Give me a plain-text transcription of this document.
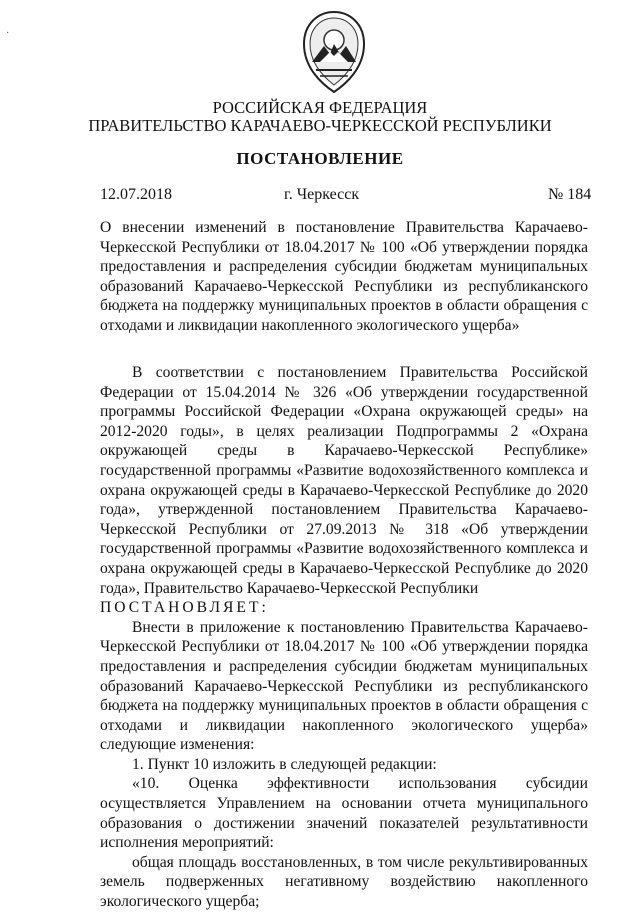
·
РОССИЙСКАЯ ФЕДЕРАЦИЯ
ПРАВИТЕЛЬСТВО КАРАЧАЕВО-ЧЕРКЕССКОЙ РЕСПУБЛИКИ
ПОСТАНОВЛЕНИЕ
12.07.2018	г. Черкесск	№ 184
О внесении изменений в постановление Правительства Карачаево-Черкесской Республики от 18.04.2017 № 100 «Об утверждении порядка предоставления и распределения субсидии бюджетам муниципальных образований Карачаево-Черкесской Республики из республиканского бюджета на поддержку муниципальных проектов в области обращения с отходами и ликвидации накопленного экологического ущерба»

В соответствии с постановлением Правительства Российской Федерации от 15.04.2014 № 326 «Об утверждении государственной программы Российской Федерации «Охрана окружающей среды» на 2012-2020 годы», в целях реализации Подпрограммы 2 «Охрана окружающей среды в Карачаево-Черкесской Республике» государственной программы «Развитие водохозяйственного комплекса и охрана окружающей среды в Карачаево-Черкесской Республике до 2020 года», утвержденной постановлением Правительства Карачаево-Черкесской Республики от 27.09.2013 № 318 «Об утверждении государственной программы «Развитие водохозяйственного комплекса и охрана окружающей среды в Карачаево-Черкесской Республике до 2020 года», Правительство Карачаево-Черкесской Республики

ПОСТАНОВЛЯЕТ:

Внести в приложение к постановлению Правительства Карачаево-Черкесской Республики от 18.04.2017 № 100 «Об утверждении порядка предоставления и распределения субсидии бюджетам муниципальных образований Карачаево-Черкесской Республики из республиканского бюджета на поддержку муниципальных проектов в области обращения с отходами и ликвидации накопленного экологического ущерба» следующие изменения:

1. Пункт 10 изложить в следующей редакции:

«10. Оценка эффективности использования субсидии осуществляется Управлением на основании отчета муниципального образования о достижении значений показателей результативности исполнения мероприятий:

общая площадь восстановленных, в том числе рекультивированных земель подверженных негативному воздействию накопленного экологического ущерба;
